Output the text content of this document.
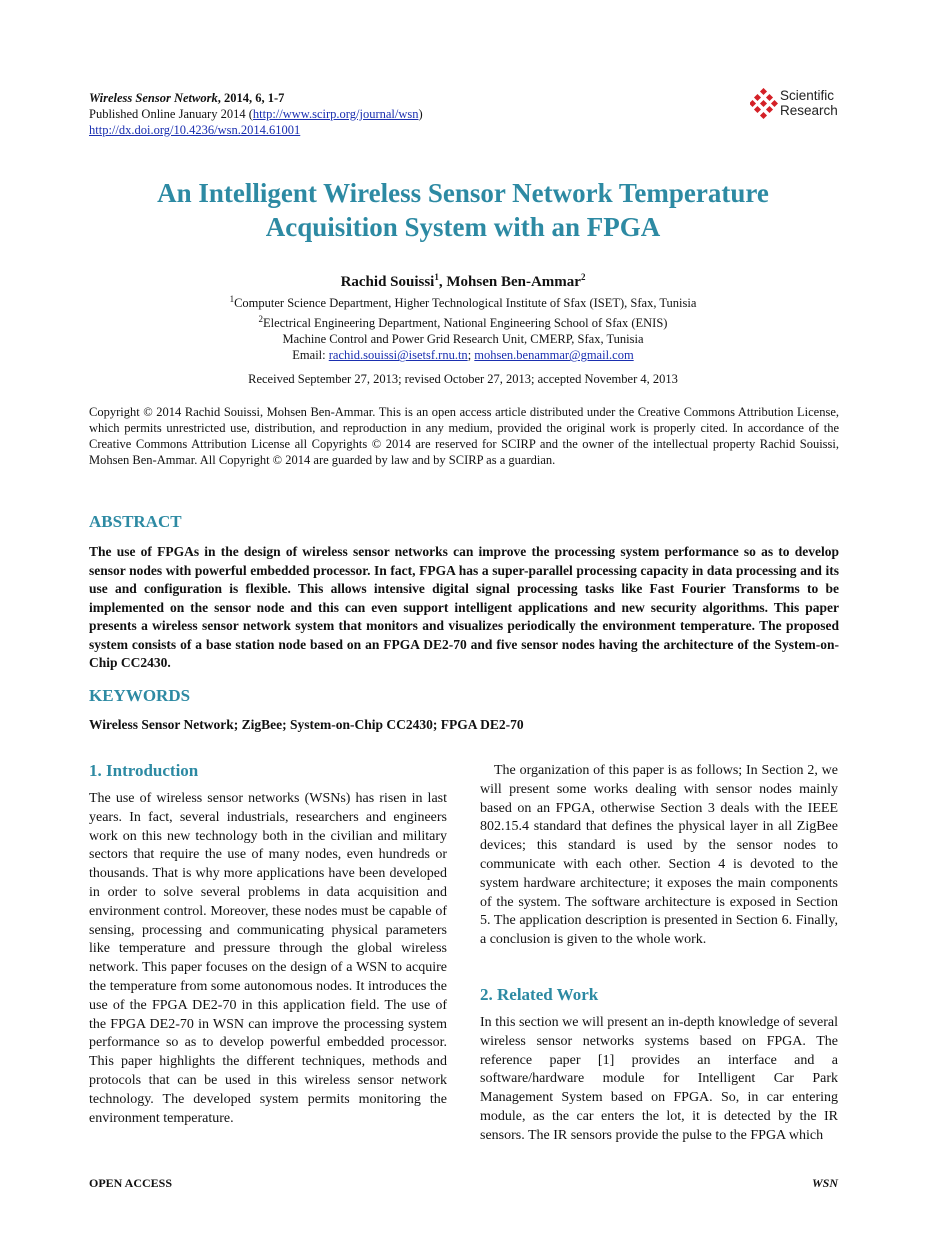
Wireless Sensor Network, 2014, 6, 1-7
Published Online January 2014 (http://www.scirp.org/journal/wsn)
http://dx.doi.org/10.4236/wsn.2014.61001
Scientific
Research
An Intelligent Wireless Sensor Network Temperature
Acquisition System with an FPGA
Rachid Souissi$^1$, Mohsen Ben-Ammar$^2$
$^1$Computer Science Department, Higher Technological Institute of Sfax (ISET), Sfax, Tunisia
$^2$Electrical Engineering Department, National Engineering School of Sfax (ENIS)
Machine Control and Power Grid Research Unit, CMERP, Sfax, Tunisia
Email: rachid.souissi@isetsf.rnu.tn; mohsen.benammar@gmail.com
Received September 27, 2013; revised October 27, 2013; accepted November 4, 2013
Copyright © 2014 Rachid Souissi, Mohsen Ben-Ammar. This is an open access article distributed under the Creative Commons Attribution License, which permits unrestricted use, distribution, and reproduction in any medium, provided the original work is properly cited. In accordance of the Creative Commons Attribution License all Copyrights © 2014 are reserved for SCIRP and the owner of the intellectual property Rachid Souissi, Mohsen Ben-Ammar. All Copyright © 2014 are guarded by law and by SCIRP as a guardian.
ABSTRACT
The use of FPGAs in the design of wireless sensor networks can improve the processing system performance so as to develop sensor nodes with powerful embedded processor. In fact, FPGA has a super-parallel processing capacity in data processing and its use and configuration is flexible. This allows intensive digital signal processing tasks like Fast Fourier Transforms to be implemented on the sensor node and this can even support intelligent applications and new security algorithms. This paper presents a wireless sensor network system that monitors and visualizes periodically the environment temperature. The proposed system consists of a base station node based on an FPGA DE2-70 and five sensor nodes having the architecture of the System-on-Chip CC2430.
KEYWORDS
Wireless Sensor Network; ZigBee; System-on-Chip CC2430; FPGA DE2-70
1. Introduction
The use of wireless sensor networks (WSNs) has risen in last years. In fact, several industrials, researchers and engineers work on this new technology both in the civilian and military sectors that require the use of many nodes, even hundreds or thousands. That is why more applications have been developed in order to solve several problems in data acquisition and environment control. Moreover, these nodes must be capable of sensing, processing and communicating physical parameters like temperature and pressure through the global wireless network. This paper focuses on the design of a WSN to acquire the temperature from some autonomous nodes. It introduces the use of the FPGA DE2-70 in this application field. The use of the FPGA DE2-70 in WSN can improve the processing system performance so as to develop powerful embedded processor. This paper highlights the different techniques, methods and protocols that can be used in this wireless sensor network technology. The developed system permits monitoring the environment temperature.
The organization of this paper is as follows; In Section 2, we will present some works dealing with sensor nodes mainly based on an FPGA, otherwise Section 3 deals with the IEEE 802.15.4 standard that defines the physical layer in all ZigBee devices; this standard is used by the sensor nodes to communicate with each other. Section 4 is devoted to the system hardware architecture; it exposes the main components of the system. The software architecture is exposed in Section 5. The application description is presented in Section 6. Finally, a conclusion is given to the whole work.
2. Related Work
In this section we will present an in-depth knowledge of several wireless sensor networks systems based on FPGA. The reference paper [1] provides an interface and a software/hardware module for Intelligent Car Park Management System based on FPGA. So, in car entering module, as the car enters the lot, it is detected by the IR sensors. The IR sensors provide the pulse to the FPGA which
OPEN ACCESS	WSN
